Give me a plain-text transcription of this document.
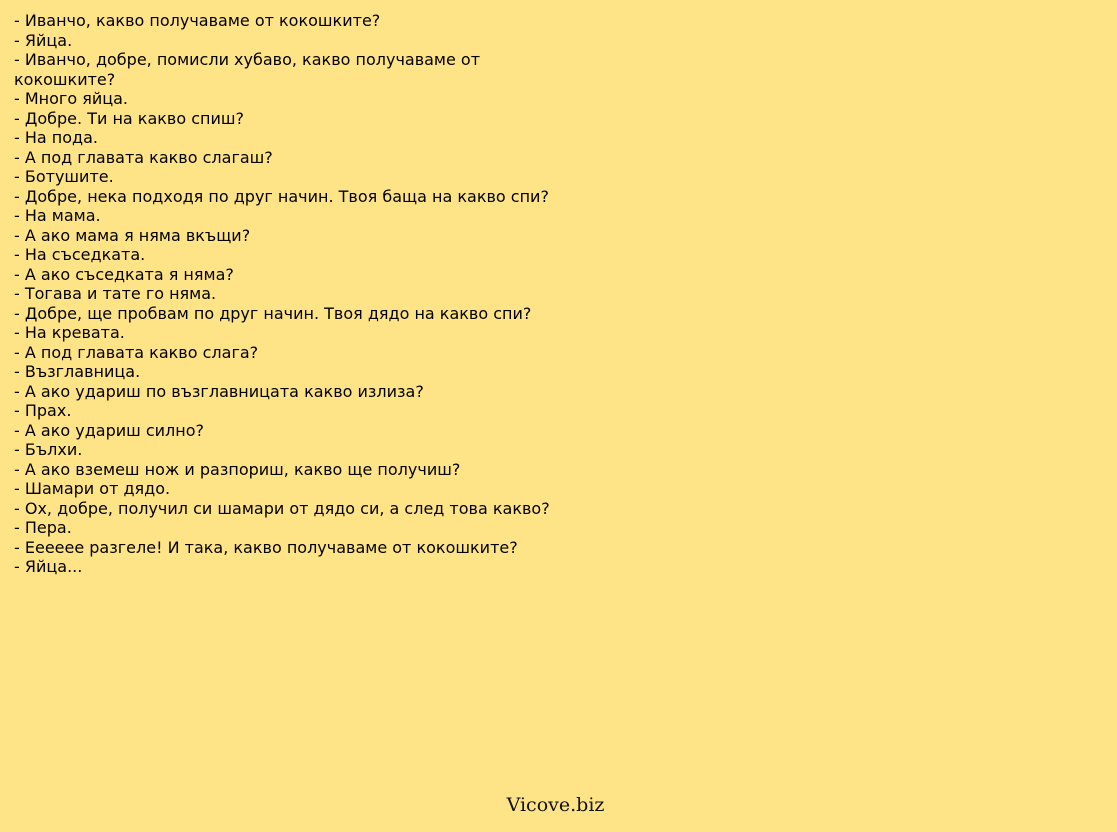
- Иванчо, какво получаваме от кокошките?
- Яйца.
- Иванчо, добре, помисли хубаво, какво получаваме от кокошките?
- Много яйца.
- Добре. Ти на какво спиш?
- На пода.
- А под главата какво слагаш?
- Ботушите.
- Добре, нека подходя по друг начин. Твоя баща на какво спи?
- На мама.
- А ако мама я няма вкъщи?
- На съседката.
- А ако съседката я няма?
- Тогава и тате го няма.
- Добре, ще пробвам по друг начин. Твоя дядо на какво спи?
- На кревата.
- А под главата какво слага?
- Възглавница.
- А ако удариш по възглавницата какво излиза?
- Прах.
- А ако удариш силно?
- Бълхи.
- А ако вземеш нож и разпориш, какво ще получиш?
- Шамари от дядо.
- Ох, добре, получил си шамари от дядо си, а след това какво?
- Пера.
- Ееееее разгеле! И така, какво получаваме от кокошките?
- Яйца...
Vicove.biz
